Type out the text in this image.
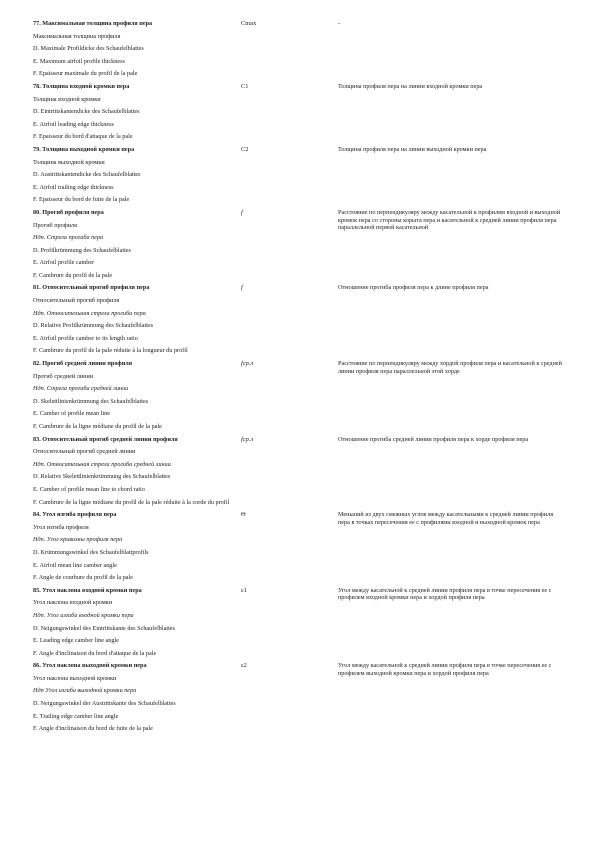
77. Максимальная толщина профиля пера
Максимальная толщина профиля
D. Maximale Profildicke des Schaufelblattes
E. Maximum airfoil profile thickness
F. Epaisseur maximale du profil de la pale
Cmax	-
78. Толщина входной кромки пера
Толщина входной кромки
D. Eintrittskantendicke des Schaufelblattes
E. Airfoil leading edge thickness
F. Epaisseur du bord d'attaque de la pale
C1	Толщина профиля пера на линии входной кромки пера
79. Толщина выходной кромки пера
Толщина выходной кромки
D. Austrittskantendicke des Schaufelblattes
E. Airfoil trailing edge thickness
F. Epaisseur du bord de fuite de la pale
C2	Толщина профиля пера на линии выходной кромки пера
80. Прогиб профиля пера
Прогиб профиля
Ндп. Стрела прогиба пера
D. Profilkrümmung des Schaufelblattes
E. Airfoil profile camber
F. Cambrure du profil de la pale
f	Расстояние по перпендикуляру между касательной к профилям входной и выходной кромок пера со стороны корыта пера и касательной к средней линии профиля пера параллельной первой касательной
81. Относительный прогиб профиля пера
Относительный прогиб профиля
Ндп. Относительная стрела прогиба пера
D. Relative Profilkrümmung des Schaufelblattes
E. Airfoil profile camber to its length ratio
F. Cambrure du profil de la pale réduite à la longueur du profil
f	Отношение прогиба профиля пера к длине профиля пера
82. Прогиб средней линии профиля
Прогиб средней линии
Ндп. Стрела прогиба средней линии
D. Skelettlinienkrümmung des Schaufelblattes
E. Camber of profile mean line
F. Cambrure de la ligne médiane du profil de la pale
fср.л	Расстояние по перпендикуляру между хордой профиля пера и касательной к средней линии профиля пера параллельной этой хорде
83. Относительный прогиб средней линии профиля
Относительный прогиб средней линии
Ндп. Относительная стрела прогиба средней линии
D. Relative Skelettlinienkrümmung des Schaufelblattes
E. Camber of profile mean line to chord ratio
F. Cambrure de la ligne médiane du profil de la pale réduite à la corde du profil
fср.л	Отношение прогиба средней линии профиля пера к хорде профиля пера
84. Угол изгиба профиля пера
Угол изгиба профиля
Ндп. Угол кривизны профиля пера
D. Krümmungswinkel des Schaufelblattprofils
E. Airfoil mean line camber angle
F. Angle de courbure du profil de la pale
Θ	Меньший из двух смежных углов между касательными к средней линии профиля пера в точках пересечения ее с профилями входной и выходной кромок пера
85. Угол наклона входной кромки пера
Угол наклона входной кромки
Ндп. Угол изгиба входной кромки пера
D. Neigungswinkel des Eintrittskante des Schaufelblattes
E. Leading edge camber line angle
F. Angle d'inclinaison du bord d'attaque de la pale
ε1	Угол между касательной к средней линии профиля пера в точке пересечения ее с профилем входной кромки пера и хордой профиля пера
86. Угол наклона выходной кромки пера
Угол наклона выходной кромки
Ндп Угол изгиба выходной кромки пера
D. Neigungswinkel der Austrittskante des Schaufelblattes
E. Trailing edge camber line angle
F. Angle d'inclinaison du bord de fuite de la pale
ε2	Угол между касательной к средней линии профиля пера в точке пересечения ее с профилем выходной кромки пера и хордой профиля пера
